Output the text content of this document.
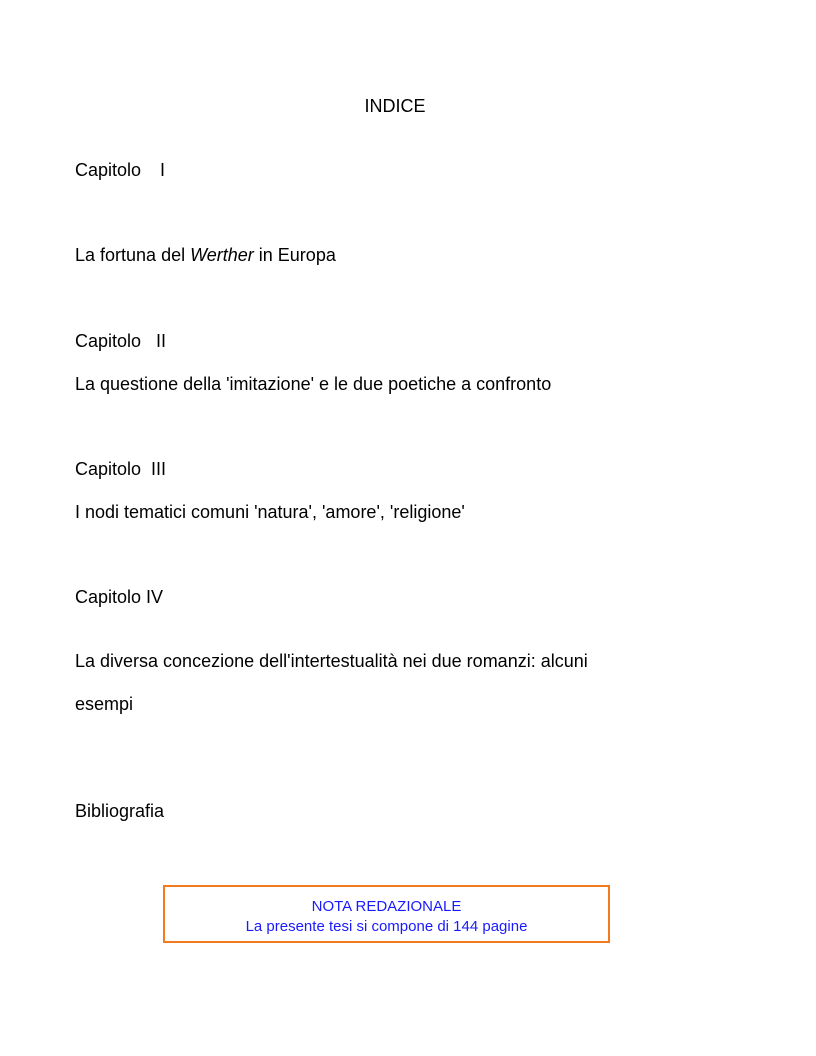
INDICE
Capitolo I
La fortuna del Werther in Europa
Capitolo II
La questione della 'imitazione' e le due poetiche a confronto
Capitolo III
I nodi tematici comuni 'natura', 'amore', 'religione'
Capitolo IV
La diversa concezione dell'intertestualità nei due romanzi: alcuni
esempi
Bibliografia
NOTA REDAZIONALE
La presente tesi si compone di 144 pagine
